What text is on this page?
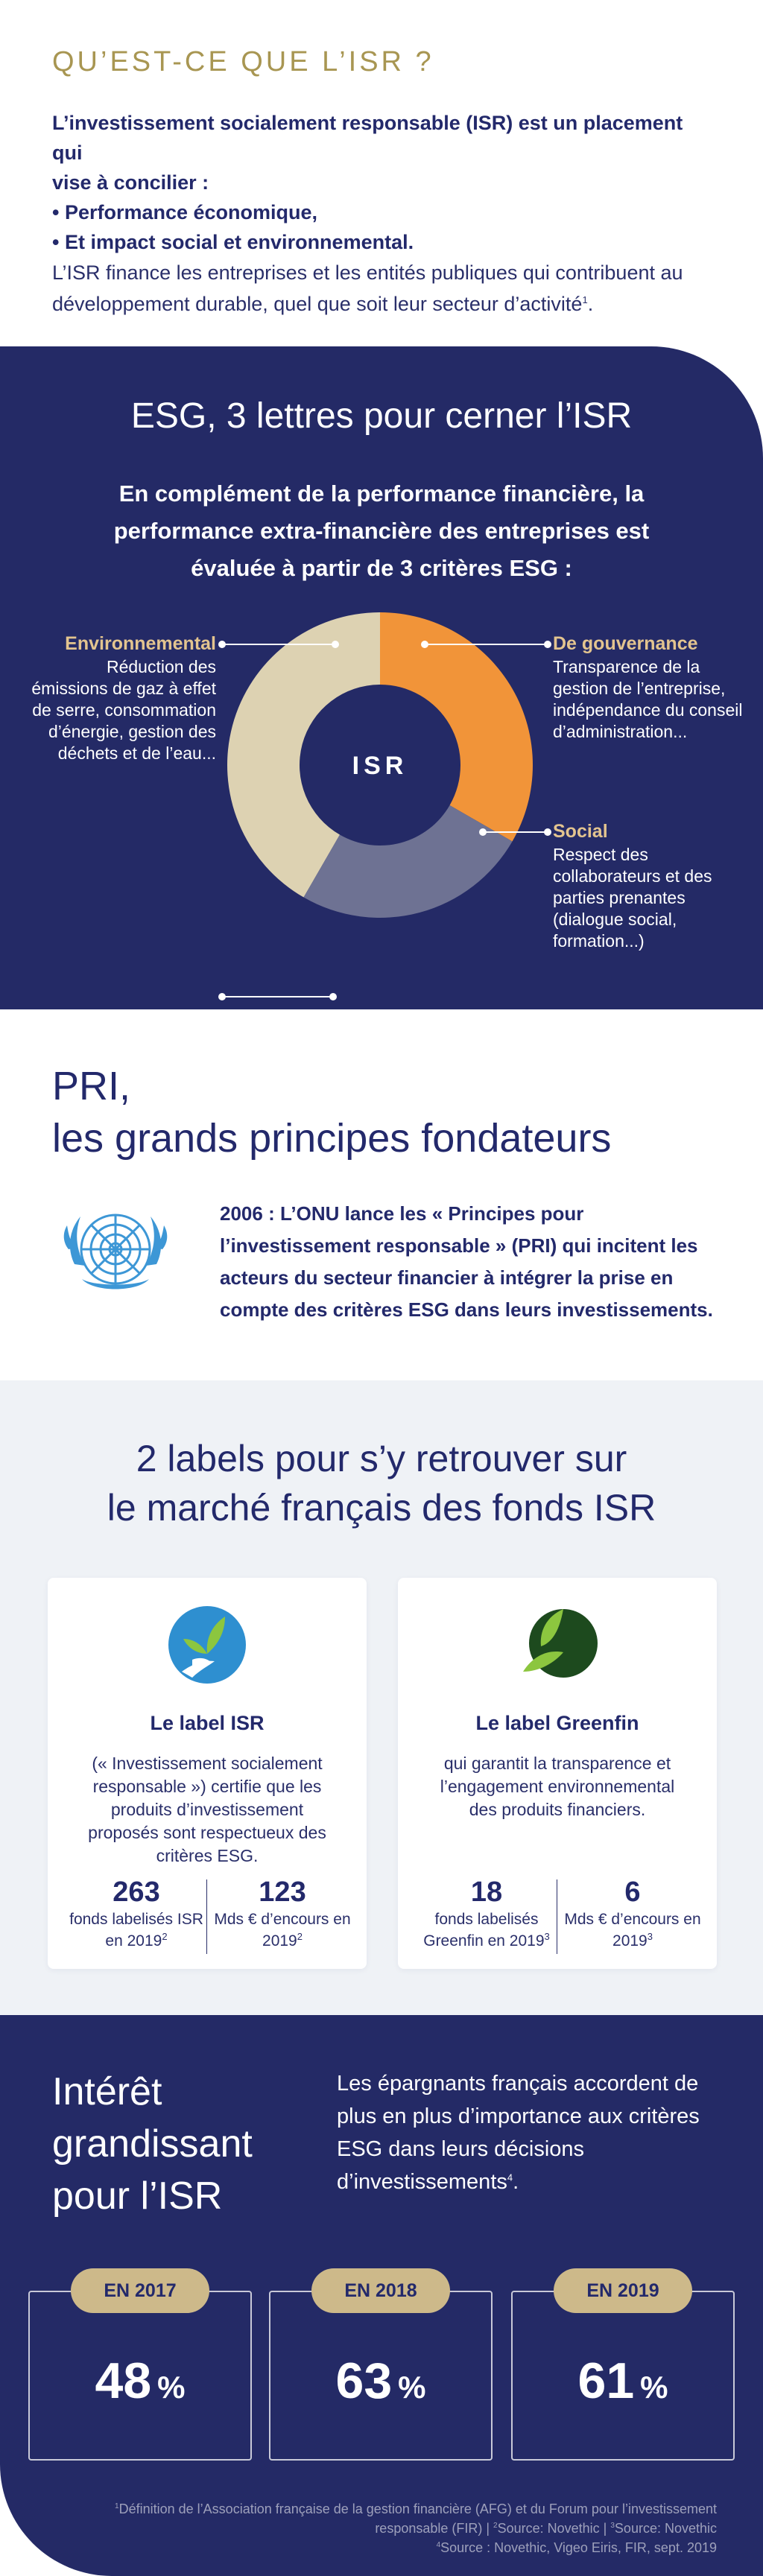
QU’EST-CE QUE L’ISR ?

L’investissement socialement responsable (ISR) est un placement qui

vise à concilier :

• Performance économique,

• Et impact social et environnemental.

L’ISR finance les entreprises et les entités publiques qui contribuent au développement durable, quel que soit leur secteur d’activité$^1$.

ESG, 3 lettres pour cerner l’ISR

En complément de la performance financière, la performance extra-financière des entreprises est évaluée à partir de 3 critères ESG :

ISR
Environnemental
Réduction des émissions de gaz à effet de serre, consommation d’énergie, gestion des déchets et de l’eau...
De gouvernance
Transparence de la gestion de l’entreprise, indépendance du conseil d’administration...
Social
Respect des collaborateurs et des parties prenantes (dialogue social, formation...)
PRI,
les grands principes fondateurs

2006 : L’ONU lance les « Principes pour l’investissement responsable » (PRI) qui incitent les acteurs du secteur financier à intégrer la prise en compte des critères ESG dans leurs investissements.

2 labels pour s’y retrouver sur
le marché français des fonds ISR
Le label ISR

(« Investissement socialement responsable ») certifie que les produits d’investissement proposés sont respectueux des critères ESG.

263
fonds labelisés ISR en 2019$^2$
123
Mds € d’encours en 2019$^2$
Le label Greenfin

qui garantit la transparence et l’engagement environnemental des produits financiers.

18
fonds labelisés Greenfin en 2019$^3$
6
Mds € d’encours en 2019$^3$
Intérêt
grandissant
pour l’ISR

Les épargnants français accordent de plus en plus d’importance aux critères ESG dans leurs décisions d’investissements$^4$.

EN 2017
48 %
EN 2018
63 %
EN 2019
61 %

$^1$Définition de l’Association française de la gestion financière (AFG) et du Forum pour l’investissement responsable (FIR) | $^2$Source: Novethic | $^3$Source: Novethic
$^4$Source : Novethic, Vigeo Eiris, FIR, sept. 2019
